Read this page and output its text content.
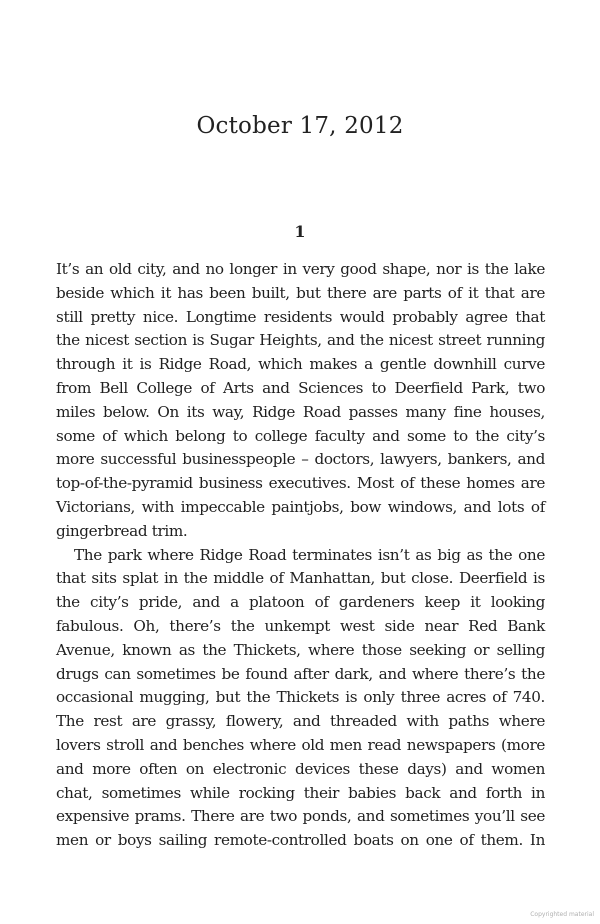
October 17, 2012
1
It’s an old city, and no longer in very good shape, nor is the lake
beside which it has been built, but there are parts of it that are
still pretty nice. Longtime residents would probably agree that
the nicest section is Sugar Heights, and the nicest street running
through it is Ridge Road, which makes a gentle downhill curve
from Bell College of Arts and Sciences to Deerfield Park, two
miles below. On its way, Ridge Road passes many fine houses,
some of which belong to college faculty and some to the city’s
more successful businesspeople – doctors, lawyers, bankers, and
top-of-the-pyramid business executives. Most of these homes are
Victorians, with impeccable paintjobs, bow windows, and lots of
gingerbread trim.
The park where Ridge Road terminates isn’t as big as the one
that sits splat in the middle of Manhattan, but close. Deerfield is
the city’s pride, and a platoon of gardeners keep it looking
fabulous. Oh, there’s the unkempt west side near Red Bank
Avenue, known as the Thickets, where those seeking or selling
drugs can sometimes be found after dark, and where there’s the
occasional mugging, but the Thickets is only three acres of 740.
The rest are grassy, flowery, and threaded with paths where
lovers stroll and benches where old men read newspapers (more
and more often on electronic devices these days) and women
chat, sometimes while rocking their babies back and forth in
expensive prams. There are two ponds, and sometimes you’ll see
men or boys sailing remote-controlled boats on one of them. In
Copyrighted material
